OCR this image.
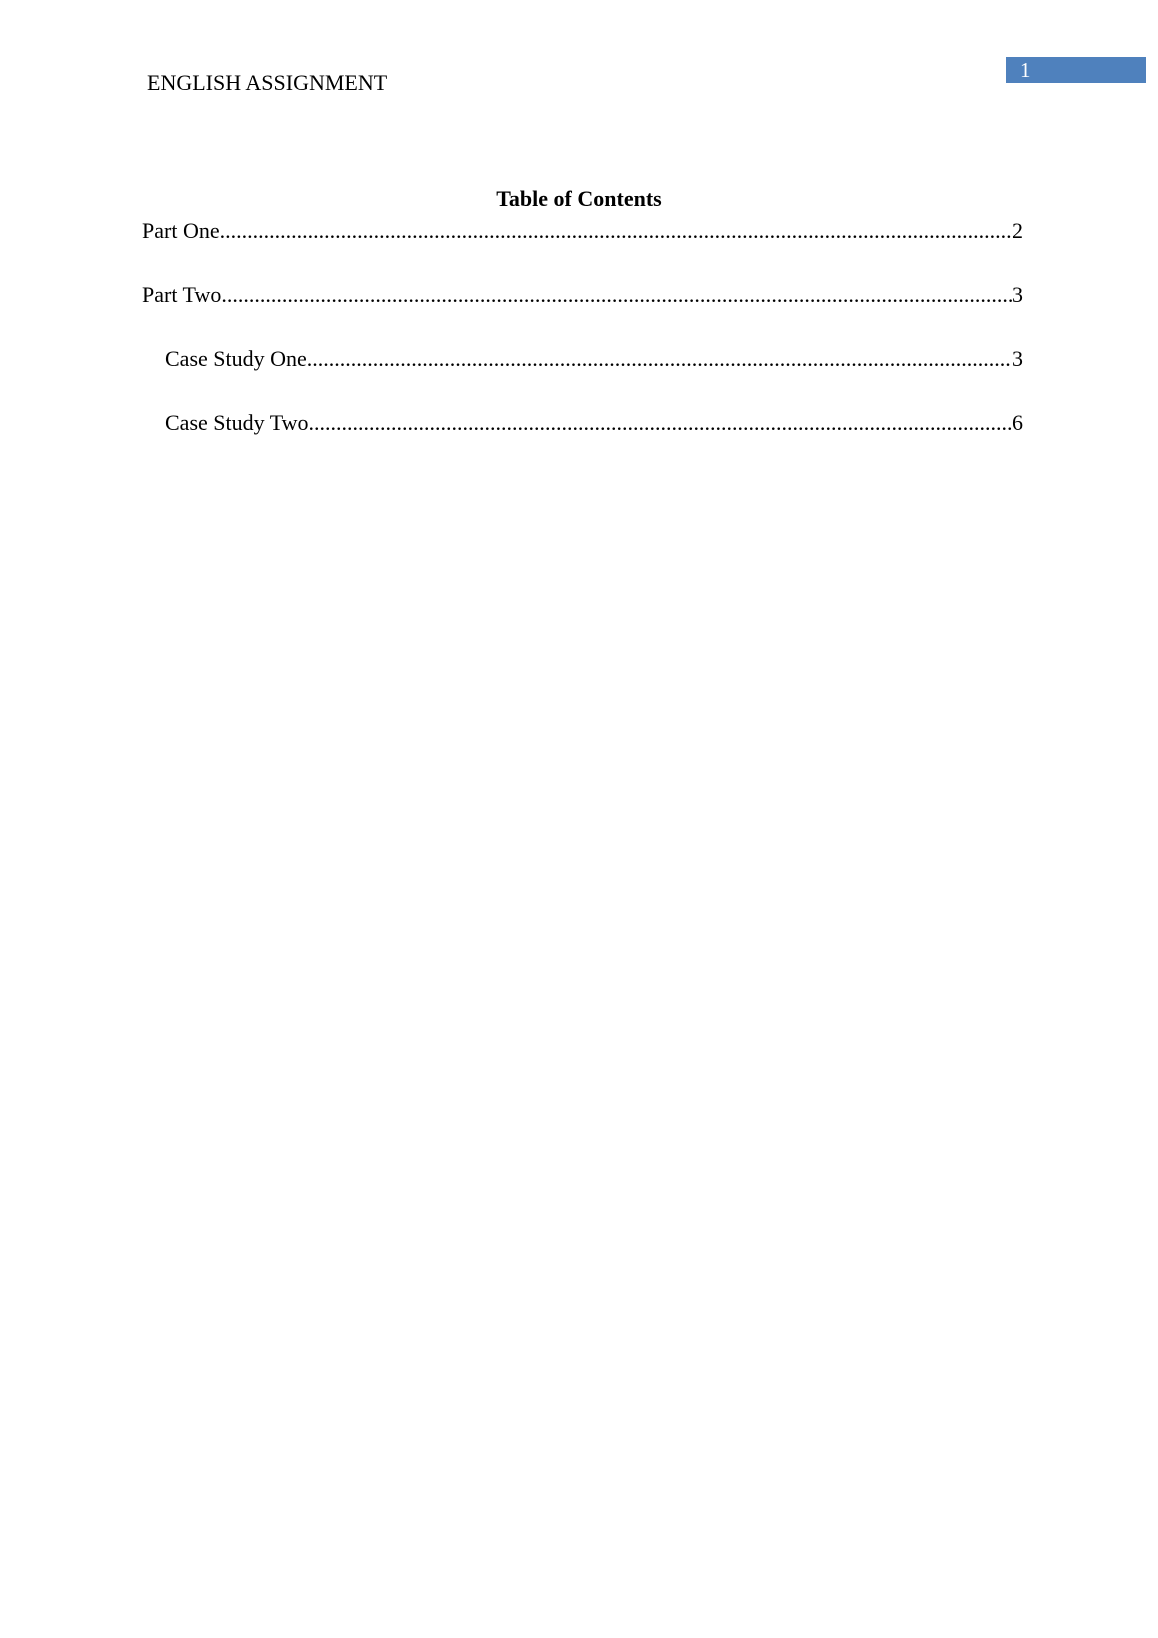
ENGLISH ASSIGNMENT	1
Table of Contents
Part One .....	2
Part Two .....	3
Case Study One .....	3
Case Study Two .....	6
